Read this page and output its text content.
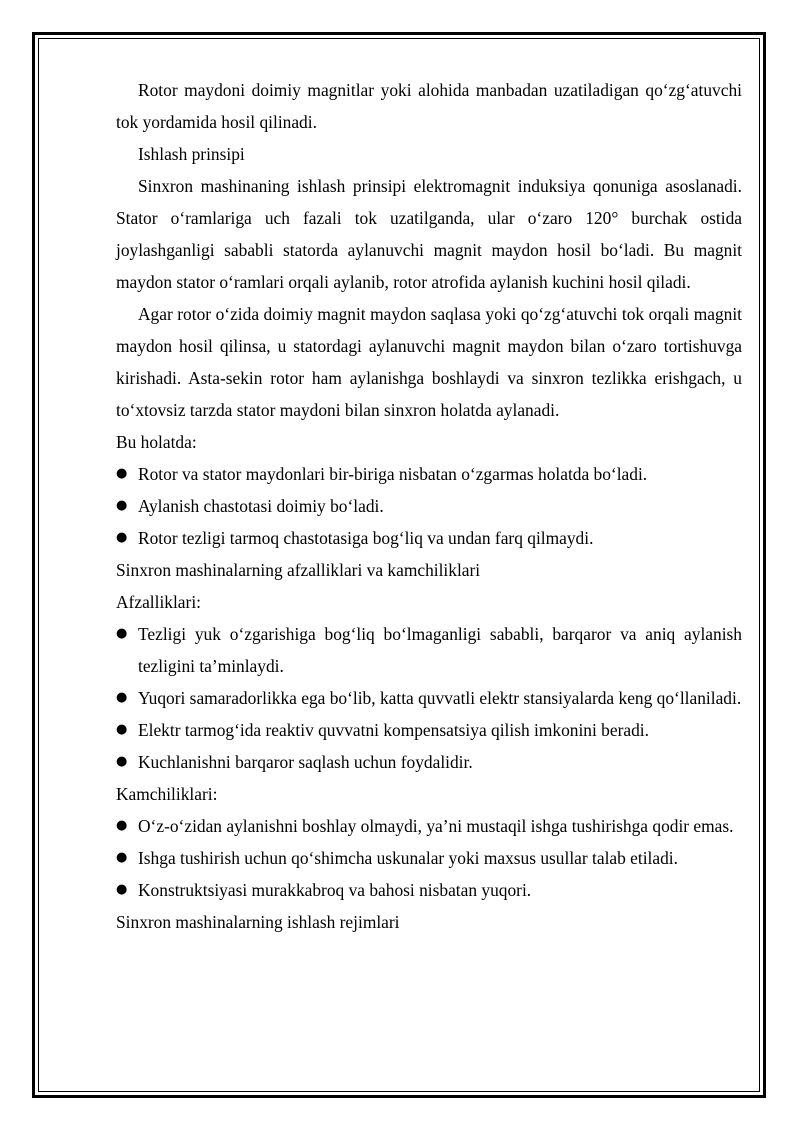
Rotor maydoni doimiy magnitlar yoki alohida manbadan uzatiladigan qo‘zg‘atuvchi tok yordamida hosil qilinadi.

Ishlash prinsipi

Sinxron mashinaning ishlash prinsipi elektromagnit induksiya qonuniga asoslanadi. Stator o‘ramlariga uch fazali tok uzatilganda, ular o‘zaro 120° burchak ostida joylashganligi sababli statorda aylanuvchi magnit maydon hosil bo‘ladi. Bu magnit maydon stator o‘ramlari orqali aylanib, rotor atrofida aylanish kuchini hosil qiladi.

Agar rotor o‘zida doimiy magnit maydon saqlasa yoki qo‘zg‘atuvchi tok orqali magnit maydon hosil qilinsa, u statordagi aylanuvchi magnit maydon bilan o‘zaro tortishuvga kirishadi. Asta-sekin rotor ham aylanishga boshlaydi va sinxron tezlikka erishgach, u to‘xtovsiz tarzda stator maydoni bilan sinxron holatda aylanadi.

Bu holatda:

● Rotor va stator maydonlari bir-biriga nisbatan o‘zgarmas holatda bo‘ladi.
● Aylanish chastotasi doimiy bo‘ladi.
● Rotor tezligi tarmoq chastotasiga bog‘liq va undan farq qilmaydi.

Sinxron mashinalarning afzalliklari va kamchiliklari

Afzalliklari:

● Tezligi yuk o‘zgarishiga bog‘liq bo‘lmaganligi sababli, barqaror va aniq aylanish tezligini ta’minlaydi.
● Yuqori samaradorlikka ega bo‘lib, katta quvvatli elektr stansiyalarda keng qo‘llaniladi.
● Elektr tarmog‘ida reaktiv quvvatni kompensatsiya qilish imkonini beradi.
● Kuchlanishni barqaror saqlash uchun foydalidir.

Kamchiliklari:

● O‘z-o‘zidan aylanishni boshlay olmaydi, ya’ni mustaqil ishga tushirishga qodir emas.
● Ishga tushirish uchun qo‘shimcha uskunalar yoki maxsus usullar talab etiladi.
● Konstruktsiyasi murakkabroq va bahosi nisbatan yuqori.

Sinxron mashinalarning ishlash rejimlari
